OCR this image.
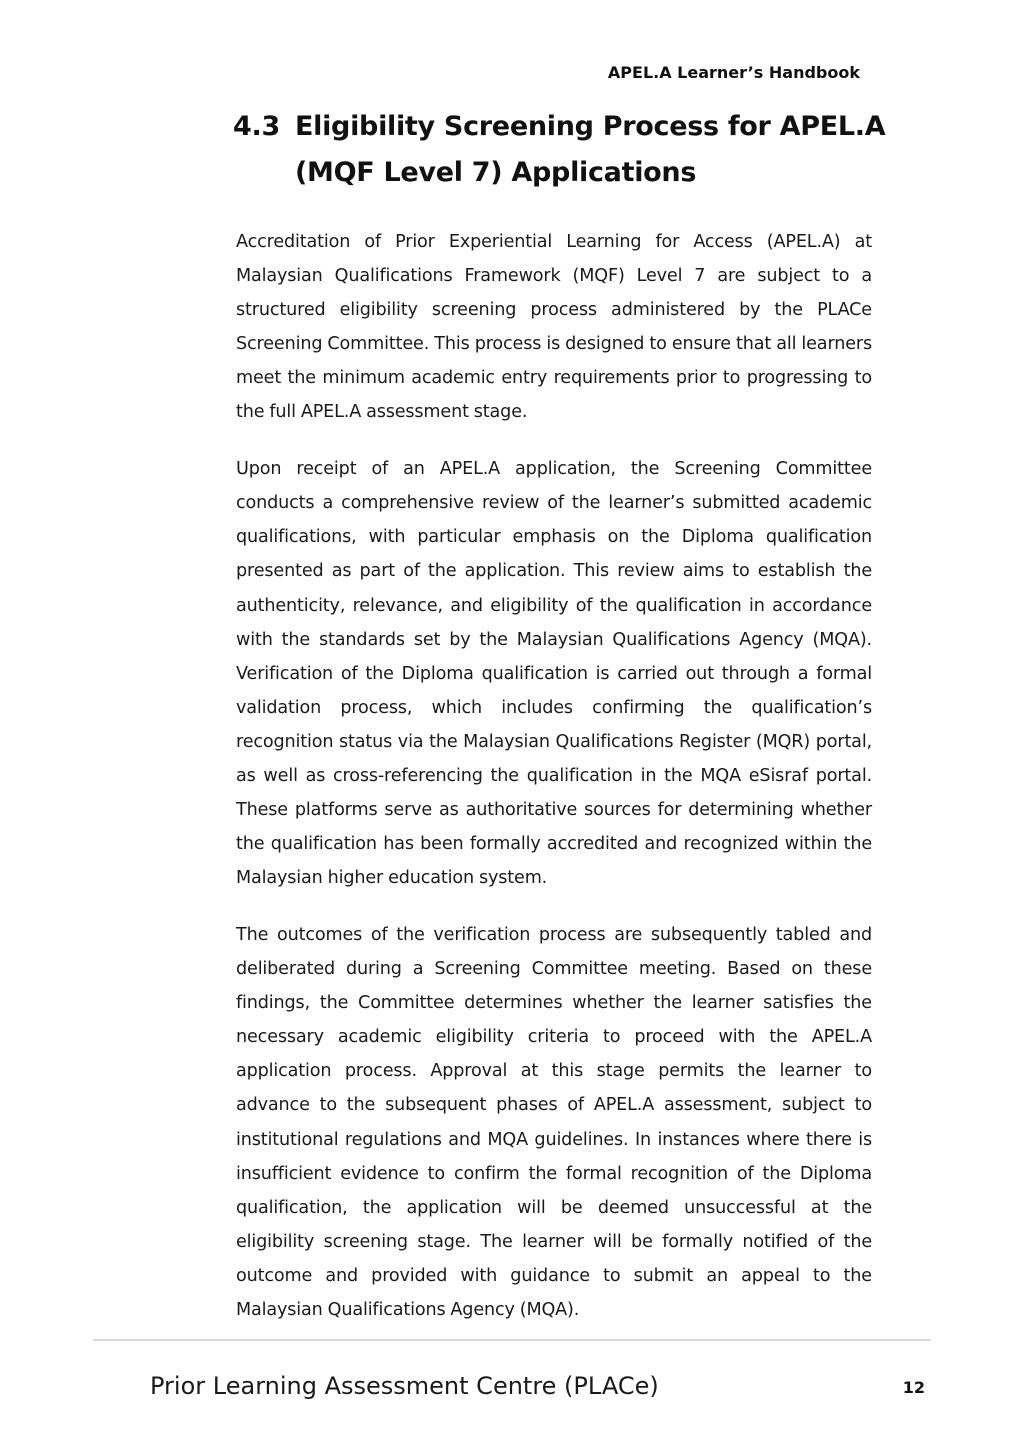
APEL.A Learner’s Handbook
4.3 Eligibility Screening Process for APEL.A
(MQF Level 7) Applications

Accreditation of Prior Experiential Learning for Access (APEL.A) at Malaysian Qualifications Framework (MQF) Level 7 are subject to a structured eligibility screening process administered by the PLACe Screening Committee. This process is designed to ensure that all learners meet the minimum academic entry requirements prior to progressing to the full APEL.A assessment stage.

Upon receipt of an APEL.A application, the Screening Committee conducts a comprehensive review of the learner’s submitted academic qualifications, with particular emphasis on the Diploma qualification presented as part of the application. This review aims to establish the authenticity, relevance, and eligibility of the qualification in accordance with the standards set by the Malaysian Qualifications Agency (MQA). Verification of the Diploma qualification is carried out through a formal validation process, which includes confirming the qualification’s recognition status via the Malaysian Qualifications Register (MQR) portal, as well as cross-referencing the qualification in the MQA eSisraf portal. These platforms serve as authoritative sources for determining whether the qualification has been formally accredited and recognized within the Malaysian higher education system.

The outcomes of the verification process are subsequently tabled and deliberated during a Screening Committee meeting. Based on these findings, the Committee determines whether the learner satisfies the necessary academic eligibility criteria to proceed with the APEL.A application process. Approval at this stage permits the learner to advance to the subsequent phases of APEL.A assessment, subject to institutional regulations and MQA guidelines. In instances where there is insufficient evidence to confirm the formal recognition of the Diploma qualification, the application will be deemed unsuccessful at the eligibility screening stage. The learner will be formally notified of the outcome and provided with guidance to submit an appeal to the Malaysian Qualifications Agency (MQA).

Prior Learning Assessment Centre (PLACe)	12
